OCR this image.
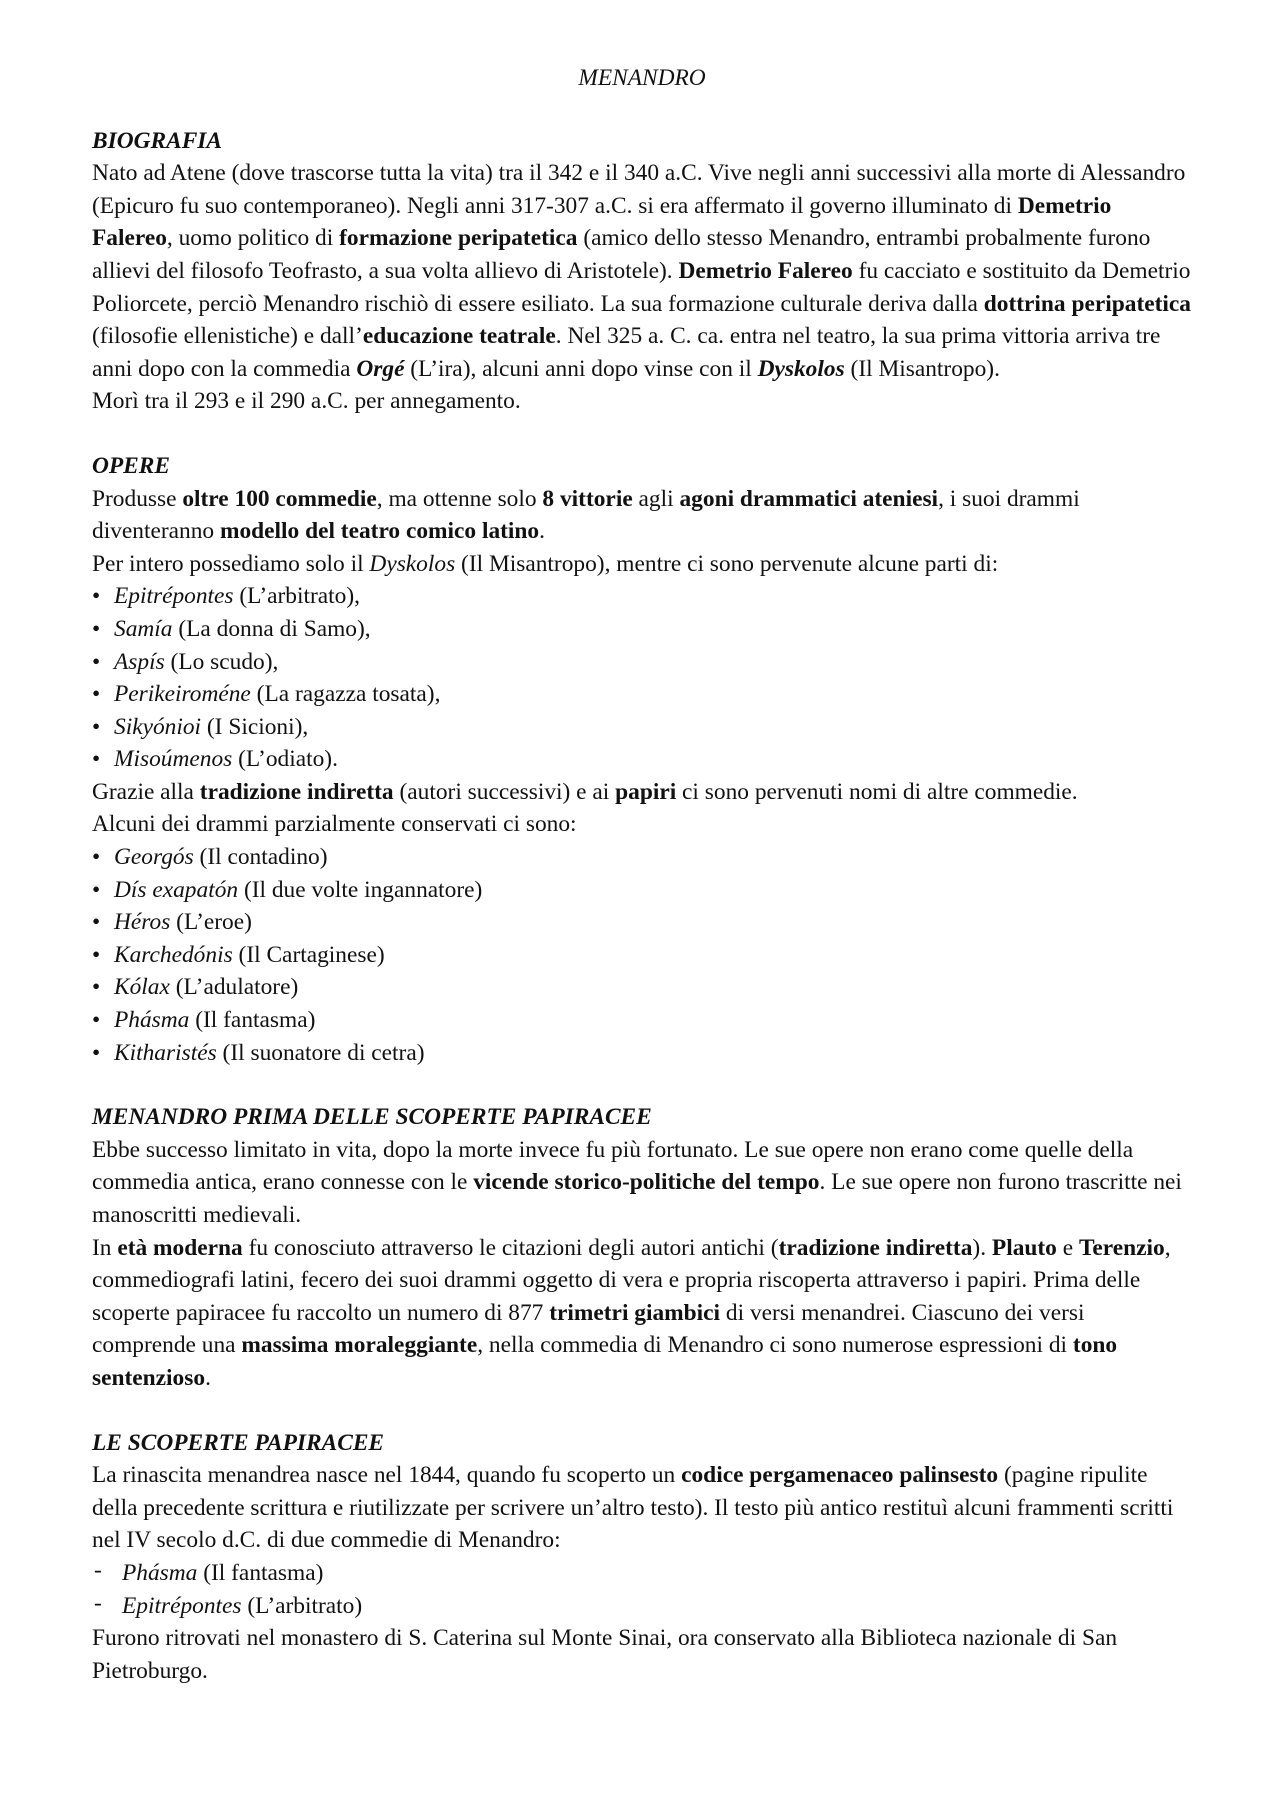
MENANDRO
BIOGRAFIA

Nato ad Atene (dove trascorse tutta la vita) tra il 342 e il 340 a.C. Vive negli anni successivi alla morte di Alessandro (Epicuro fu suo contemporaneo). Negli anni 317-307 a.C. si era affermato il governo illuminato di Demetrio Falereo, uomo politico di formazione peripatetica (amico dello stesso Menandro, entrambi probalmente furono allievi del filosofo Teofrasto, a sua volta allievo di Aristotele). Demetrio Falereo fu cacciato e sostituito da Demetrio Poliorcete, perciò Menandro rischiò di essere esiliato. La sua formazione culturale deriva dalla dottrina peripatetica (filosofie ellenistiche) e dall’educazione teatrale. Nel 325 a. C. ca. entra nel teatro, la sua prima vittoria arriva tre anni dopo con la commedia Orgé (L’ira), alcuni anni dopo vinse con il Dyskolos (Il Misantropo).

Morì tra il 293 e il 290 a.C. per annegamento.

OPERE

Produsse oltre 100 commedie, ma ottenne solo 8 vittorie agli agoni drammatici ateniesi, i suoi drammi diventeranno modello del teatro comico latino.

Per intero possediamo solo il Dyskolos (Il Misantropo), mentre ci sono pervenute alcune parti di:

• Epitrépontes (L’arbitrato),
• Samía (La donna di Samo),
• Aspís (Lo scudo),
• Perikeiroméne (La ragazza tosata),
• Sikyónioi (I Sicioni),
• Misoúmenos (L’odiato).

Grazie alla tradizione indiretta (autori successivi) e ai papiri ci sono pervenuti nomi di altre commedie.

Alcuni dei drammi parzialmente conservati ci sono:

• Georgós (Il contadino)
• Dís exapatón (Il due volte ingannatore)
• Héros (L’eroe)
• Karchedónis (Il Cartaginese)
• Kólax (L’adulatore)
• Phásma (Il fantasma)
• Kitharistés (Il suonatore di cetra)
MENANDRO PRIMA DELLE SCOPERTE PAPIRACEE

Ebbe successo limitato in vita, dopo la morte invece fu più fortunato. Le sue opere non erano come quelle della commedia antica, erano connesse con le vicende storico-politiche del tempo. Le sue opere non furono trascritte nei manoscritti medievali.

In età moderna fu conosciuto attraverso le citazioni degli autori antichi (tradizione indiretta). Plauto e Terenzio, commediografi latini, fecero dei suoi drammi oggetto di vera e propria riscoperta attraverso i papiri. Prima delle scoperte papiracee fu raccolto un numero di 877 trimetri giambici di versi menandrei. Ciascuno dei versi comprende una massima moraleggiante, nella commedia di Menandro ci sono numerose espressioni di tono sentenzioso.

LE SCOPERTE PAPIRACEE

La rinascita menandrea nasce nel 1844, quando fu scoperto un codice pergamenaceo palinsesto (pagine ripulite della precedente scrittura e riutilizzate per scrivere un’altro testo). Il testo più antico restituì alcuni frammenti scritti nel IV secolo d.C. di due commedie di Menandro:

- Phásma (Il fantasma)
- Epitrépontes (L’arbitrato)

Furono ritrovati nel monastero di S. Caterina sul Monte Sinai, ora conservato alla Biblioteca nazionale di San Pietroburgo.
